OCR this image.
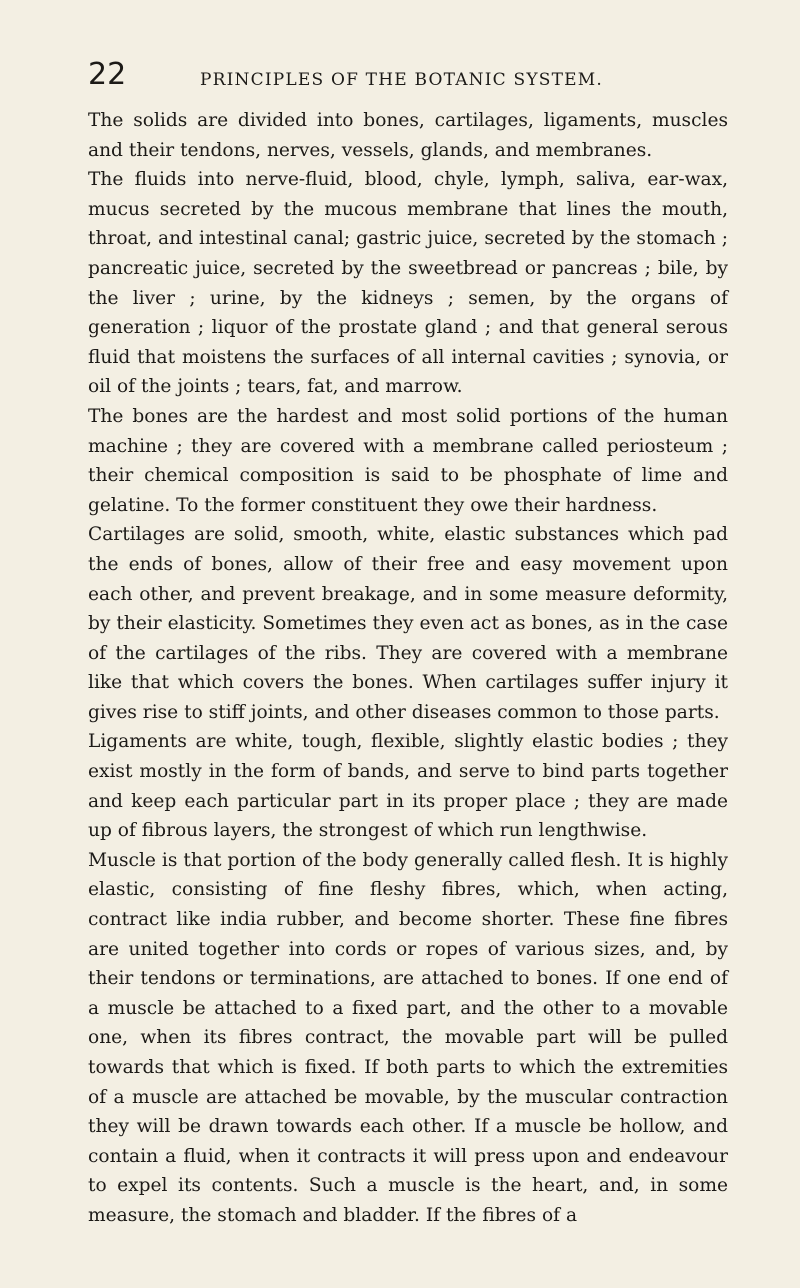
22	PRINCIPLES OF THE BOTANIC SYSTEM.

The solids are divided into bones, cartilages, ligaments, muscles and their tendons, nerves, vessels, glands, and membranes.

The fluids into nerve-fluid, blood, chyle, lymph, saliva, ear-wax, mucus secreted by the mucous membrane that lines the mouth, throat, and intestinal canal; gastric juice, secreted by the stomach ; pancreatic juice, secreted by the sweetbread or pancreas ; bile, by the liver ; urine, by the kidneys ; semen, by the organs of generation ; liquor of the prostate gland ; and that general serous fluid that moistens the surfaces of all internal cavities ; synovia, or oil of the joints ; tears, fat, and marrow.

The bones are the hardest and most solid portions of the human machine ; they are covered with a membrane called periosteum ; their chemical composition is said to be phosphate of lime and gelatine. To the former constituent they owe their hardness.

Cartilages are solid, smooth, white, elastic substances which pad the ends of bones, allow of their free and easy movement upon each other, and prevent breakage, and in some measure deformity, by their elasticity. Sometimes they even act as bones, as in the case of the cartilages of the ribs. They are covered with a membrane like that which covers the bones. When cartilages suffer injury it gives rise to stiff joints, and other diseases common to those parts.

Ligaments are white, tough, flexible, slightly elastic bodies ; they exist mostly in the form of bands, and serve to bind parts together and keep each particular part in its proper place ; they are made up of fibrous layers, the strongest of which run lengthwise.

Muscle is that portion of the body generally called flesh. It is highly elastic, consisting of fine fleshy fibres, which, when acting, contract like india rubber, and become shorter. These fine fibres are united together into cords or ropes of various sizes, and, by their tendons or terminations, are attached to bones. If one end of a muscle be attached to a fixed part, and the other to a movable one, when its fibres contract, the movable part will be pulled towards that which is fixed. If both parts to which the extremities of a muscle are attached be movable, by the muscular contraction they will be drawn towards each other. If a muscle be hollow, and contain a fluid, when it contracts it will press upon and endeavour to expel its contents. Such a muscle is the heart, and, in some measure, the stomach and bladder. If the fibres of a
